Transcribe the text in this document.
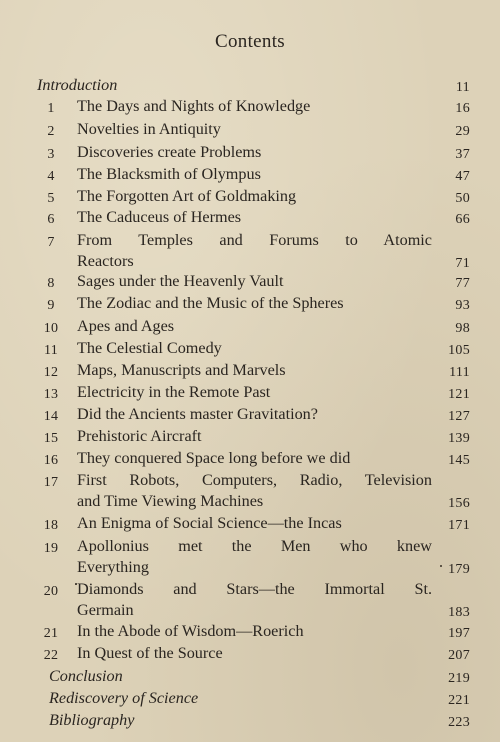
Contents
Introduction	11
1	The Days and Nights of Knowledge	16
2	Novelties in Antiquity	29
3	Discoveries create Problems	37
4	The Blacksmith of Olympus	47
5	The Forgotten Art of Goldmaking	50
6	The Caduceus of Hermes	66
7	From Temples and Forums to Atomic
Reactors	71
8	Sages under the Heavenly Vault	77
9	The Zodiac and the Music of the Spheres	93
10	Apes and Ages	98
11	The Celestial Comedy	105
12	Maps, Manuscripts and Marvels	111
13	Electricity in the Remote Past	121
14	Did the Ancients master Gravitation?	127
15	Prehistoric Aircraft	139
16	They conquered Space long before we did	145
17	First Robots, Computers, Radio, Television
and Time Viewing Machines	156
18	An Enigma of Social Science—the Incas	171
19	Apollonius met the Men who knew
Everything	179
20	Diamonds and Stars—the Immortal St.
Germain	183
21	In the Abode of Wisdom—Roerich	197
22	In Quest of the Source	207
Conclusion	219
Rediscovery of Science	221
Bibliography	223
